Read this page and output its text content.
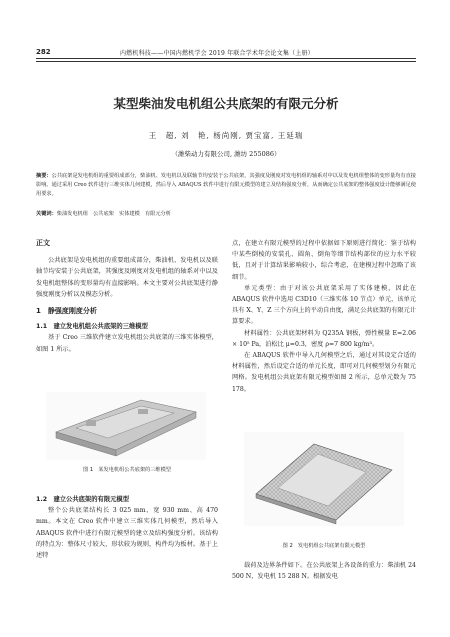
282	内燃机科技——中国内燃机学会 2019 年联合学术年会论文集（上册）
某型柴油发电机组公共底架的有限元分析
王　超, 刘　艳, 杨尚刚, 贾宝富, 王延瑞
（潍柴动力有限公司, 潍坊 255086）
摘要：公共底架是发电机组的重要组成部分，柴油机、发电机以及联轴节均安装于公共底架，其强度及刚度对发电机组的轴系对中以及发电机组整体的变形量均有直接影响。通过采用 Creo 软件进行三维实体几何建模，然后导入 ABAQUS 软件中进行有限元模型的建立及结构强度分析，从而确定公共底架的整体强度设计能够满足使用要求。
关键词：柴油发电机组　公共底架　实体建模　有限元分析
正文

公共底架是发电机组的重要组成部分，柴油机、发电机以及联轴节均安装于公共底架，其强度及刚度对发电机组的轴系对中以及发电机组整体的变形量均有直接影响。本文主要对公共底架进行静强度刚度分析以及模态分析。

1　静强度刚度分析
1.1　建立发电机组公共底架的三维模型

基于 Creo 三维软件建立发电机组公共底架的三维实体模型，如图 1 所示。

图 1　某发电机组公共底架的三维模型
1.2　建立公共底架的有限元模型

整个公共底架结构长 3 025 mm、宽 930 mm、高 470 mm。本文在 Creo 软件中建立三维实体几何模型，然后导入 ABAQUS 软件中进行有限元模型的建立及结构强度分析。该结构的特点为：整体尺寸较大，形状较为规则，构件均为板材。基于上述特

点，在建立有限元模型的过程中依据如下原则进行简化：鉴于结构中某些倒棱的安装孔、圆角、倒角等细节结构部位的应力水平较低，且对于计算结果影响较小，综合考虑，在建模过程中忽略了该细节。

单元类型：由于对该公共底架采用了实体建模，因此在 ABAQUS 软件中选用 C3D10（三维实体 10 节点）单元，该单元具有 X、Y、Z 三个方向上的平动自由度，满足公共底架的有限元计算要求。

材料属性：公共底架材料为 Q235A 钢板，弹性模量 E=2.06 × 10⁵ Pa，泊松比 μ=0.3，密度 ρ=7 800 kg/m³。

在 ABAQUS 软件中导入几何模型之后，通过对其设定合适的材料属性，然后设定合适的单元长度，即可对几何模型划分有限元网格。发电机组公共底架有限元模型如图 2 所示，总单元数为 75 178。

图 2　发电机组公共底架有限元模型

载荷及边界条件如下。在公共底架上各设备的重力：柴油机 24 500 N，发电机 15 288 N。根据发电
